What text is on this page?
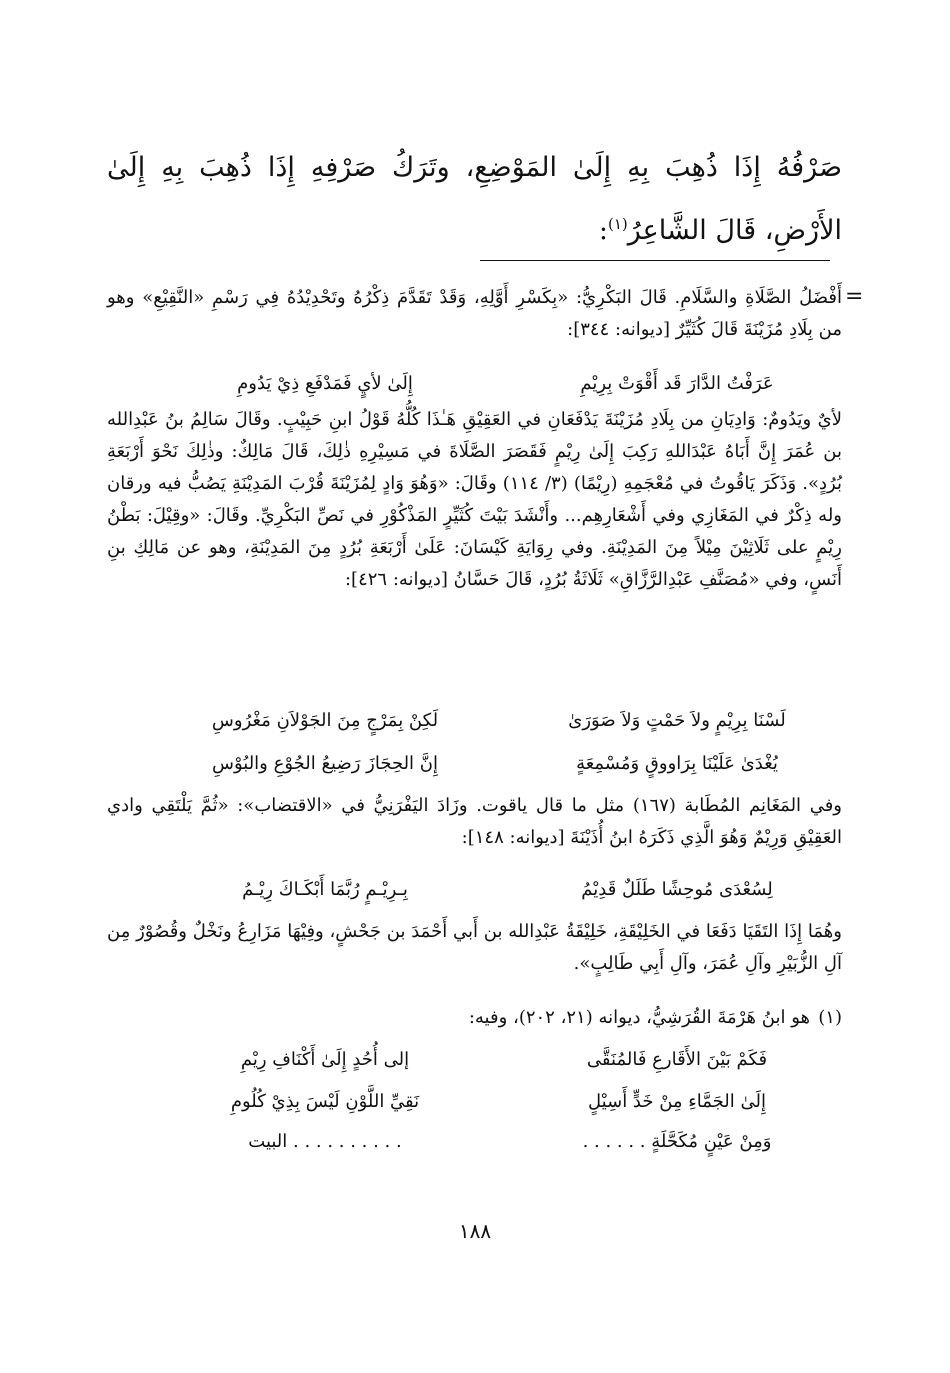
صَرْفُهُ إِذَا ذُهِبَ بِهِ إِلَىٰ المَوْضِعِ، وتَرَكُ صَرْفِهِ إِذَا ذُهِبَ بِهِ إِلَىٰ الأَرْضِ، قَالَ الشَّاعِرُ$^{(١)}$:
=
أَفْضَلُ الصَّلَاةِ والسَّلَامِ. قَالَ البَكْرِيُّ: «بِكَسْرِ أَوَّلِهِ، وَقَدْ تَقَدَّمَ ذِكْرُهُ وتَحْدِيْدُهُ فِي رَسْمِ «النَّقِيْعِ» وهو من بِلَادِ مُزَيْنَةَ قَالَ كُثَيِّرٌ [ديوانه: ٣٤٤]:
عَرَفْتُ الدَّارَ قَد أَقْوَتْ بِرِيْمِ
إِلَىٰ لأيٍ فَمَدْفَعِ ذِيْ يَدُومِ
لأيٌ ويَدُومٌ: وَادِيَانِ من بِلَادِ مُزَيْنَةَ يَدْفَعَانِ في العَقِيْقِ هَـٰذَا كُلُّهُ قَوْلُ ابنِ حَبِيْبٍ. وقَالَ سَالِمُ بنُ عَبْدِالله بن عُمَرَ إِنَّ أَبَاهُ عَبْدَاللهِ رَكِبَ إِلَىٰ رِيْمٍ فَقَصَرَ الصَّلَاةَ في مَسِيْرِهِ ذٰلِكَ، قَالَ مَالِكٌ: وذٰلِكَ نَحْوَ أَرْبَعَةِ بُرُدٍ». وَذَكَرَ يَاقُوتُ في مُعْجَمِهِ (رِيْمًا) (٣/ ١١٤) وقَالَ: «وَهُوَ وَادٍ لِمُزَيْنَةَ قُرْبَ المَدِيْنَةِ يَصُبُّ فيه ورقان وله ذِكْرٌ في المَغَازِي وفي أَشْعَارِهِم... وأَنْشَدَ بَيْتَ كُثَيِّرٍ المَذْكُوْرِ في نَصِّ البَكْرِيِّ. وقَالَ: «وقِيْلَ: بَطْنُ رِيْمٍ على ثَلَاثِيْنَ مِيْلاً مِنَ المَدِيْنَةِ. وفي رِوَايَةِ كَيْسَانَ: عَلَىٰ أَرْبَعَةِ بُرُدٍ مِنَ المَدِيْنَةِ، وهو عن مَالِكِ بنِ أَنَسٍ، وفي «مُصَنَّفِ عَبْدِالرَّزَّاقِ» ثَلَاثَةُ بُرُدٍ، قَالَ حَسَّانُ [ديوانه: ٤٢٦]:
لَسْنَا بِرِيْمٍ ولاَ حَمْتٍ وَلاَ صَوَرَىٰ
لَكِنْ بِمَرْجٍ مِنَ الجَوْلاَنِ مَغْرُوسِ
يُغْدَىٰ عَلَيْنَا بِرَاووقٍ وَمُسْمِعَةٍ
إِنَّ الحِجَازَ رَضِيعُ الجُوْعِ والبُوْسِ
وفي المَغَانِم المُطَابة (١٦٧) مثل ما قال ياقوت. وزَادَ اليَفْرَنِيُّ في «الاقتضاب»: «ثُمَّ يَلْتَقِي وادي العَقِيْقِ وَرِيْمٌ وَهُوَ الَّذِي ذَكَرَهُ ابنُ أُذَيْنَةَ [ديوانه: ١٤٨]:
لِسُعْدَى مُوحِشًا طَلَلٌ قَدِيْمُ
بِـرِيْـمٍ رُبَّمَا أَبْكَـاكَ رِيْـمُ
وهُمَا إِذَا التَقَيَا دَفَعَا في الخَلِيْقَةِ، خَلِيْقَةُ عَبْدِالله بن أَبي أَحْمَدَ بن جَحْشٍ، وفِيْهَا مَزَارِعُ ونَخْلٌ وقُصُوْرٌ مِن آلِ الزُّبَيْرِ وآلِ عُمَرَ، وآلِ أَبِي طَالِبٍ».
(١)
هو ابنُ هَرْمَةَ القُرَشِيُّ، ديوانه (٢١، ٢٠٢)، وفيه:
فَكَمْ بَيْنَ الأَقَارعِ فَالمُنَقَّى
إلى أُحُدٍ إِلَىٰ أَكْنَافِ رِيْمِ
إِلَىٰ الجَمَّاءِ مِنْ خَدٍّ أَسِيْلٍ
نَقِيِّ اللَّوْنِ لَيْسَ بِذِيْ كُلُومِ
وَمِنْ عَيْنٍ مُكَحَّلَةٍ . . . . . .
. . . . . . . . . . البيت
١٨٨
